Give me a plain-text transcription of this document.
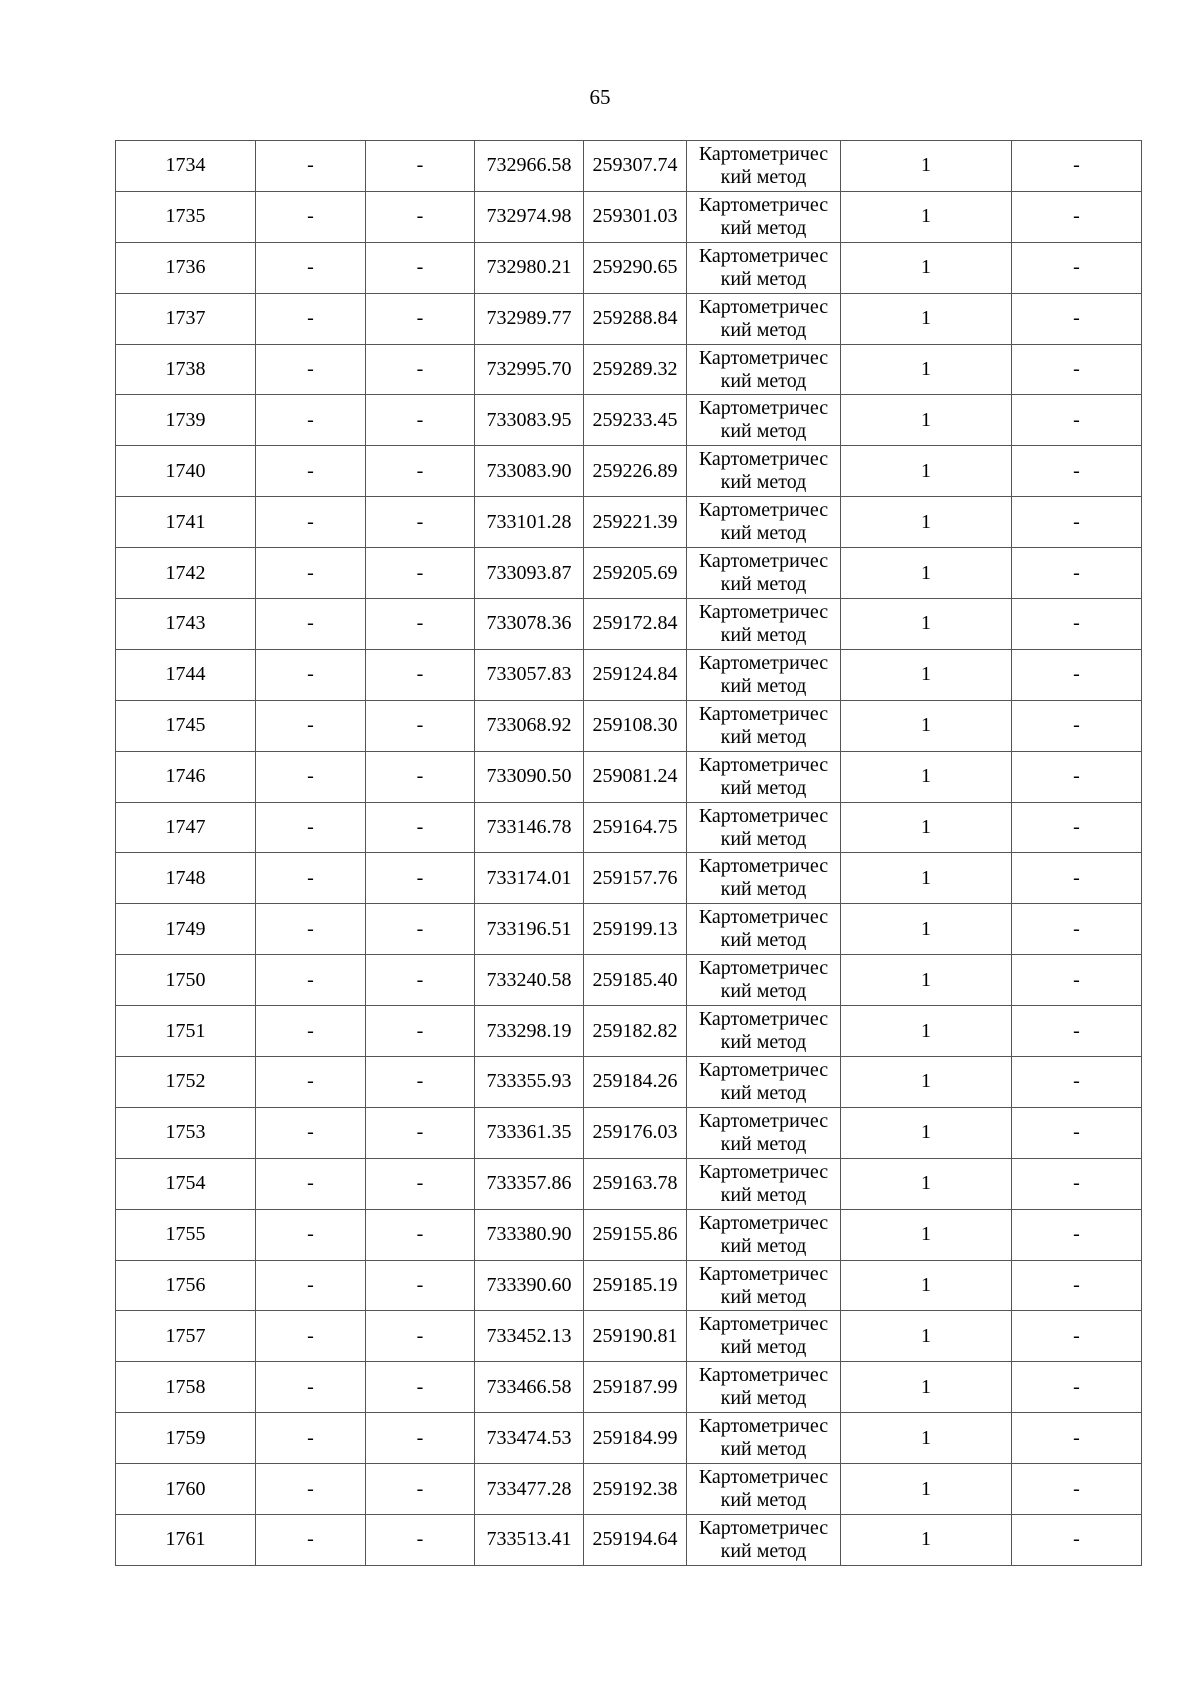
65
1734	-	-	732966.58	259307.74	Картометричес
кий метод	1	-
1735	-	-	732974.98	259301.03	Картометричес
кий метод	1	-
1736	-	-	732980.21	259290.65	Картометричес
кий метод	1	-
1737	-	-	732989.77	259288.84	Картометричес
кий метод	1	-
1738	-	-	732995.70	259289.32	Картометричес
кий метод	1	-
1739	-	-	733083.95	259233.45	Картометричес
кий метод	1	-
1740	-	-	733083.90	259226.89	Картометричес
кий метод	1	-
1741	-	-	733101.28	259221.39	Картометричес
кий метод	1	-
1742	-	-	733093.87	259205.69	Картометричес
кий метод	1	-
1743	-	-	733078.36	259172.84	Картометричес
кий метод	1	-
1744	-	-	733057.83	259124.84	Картометричес
кий метод	1	-
1745	-	-	733068.92	259108.30	Картометричес
кий метод	1	-
1746	-	-	733090.50	259081.24	Картометричес
кий метод	1	-
1747	-	-	733146.78	259164.75	Картометричес
кий метод	1	-
1748	-	-	733174.01	259157.76	Картометричес
кий метод	1	-
1749	-	-	733196.51	259199.13	Картометричес
кий метод	1	-
1750	-	-	733240.58	259185.40	Картометричес
кий метод	1	-
1751	-	-	733298.19	259182.82	Картометричес
кий метод	1	-
1752	-	-	733355.93	259184.26	Картометричес
кий метод	1	-
1753	-	-	733361.35	259176.03	Картометричес
кий метод	1	-
1754	-	-	733357.86	259163.78	Картометричес
кий метод	1	-
1755	-	-	733380.90	259155.86	Картометричес
кий метод	1	-
1756	-	-	733390.60	259185.19	Картометричес
кий метод	1	-
1757	-	-	733452.13	259190.81	Картометричес
кий метод	1	-
1758	-	-	733466.58	259187.99	Картометричес
кий метод	1	-
1759	-	-	733474.53	259184.99	Картометричес
кий метод	1	-
1760	-	-	733477.28	259192.38	Картометричес
кий метод	1	-
1761	-	-	733513.41	259194.64	Картометричес
кий метод	1	-
